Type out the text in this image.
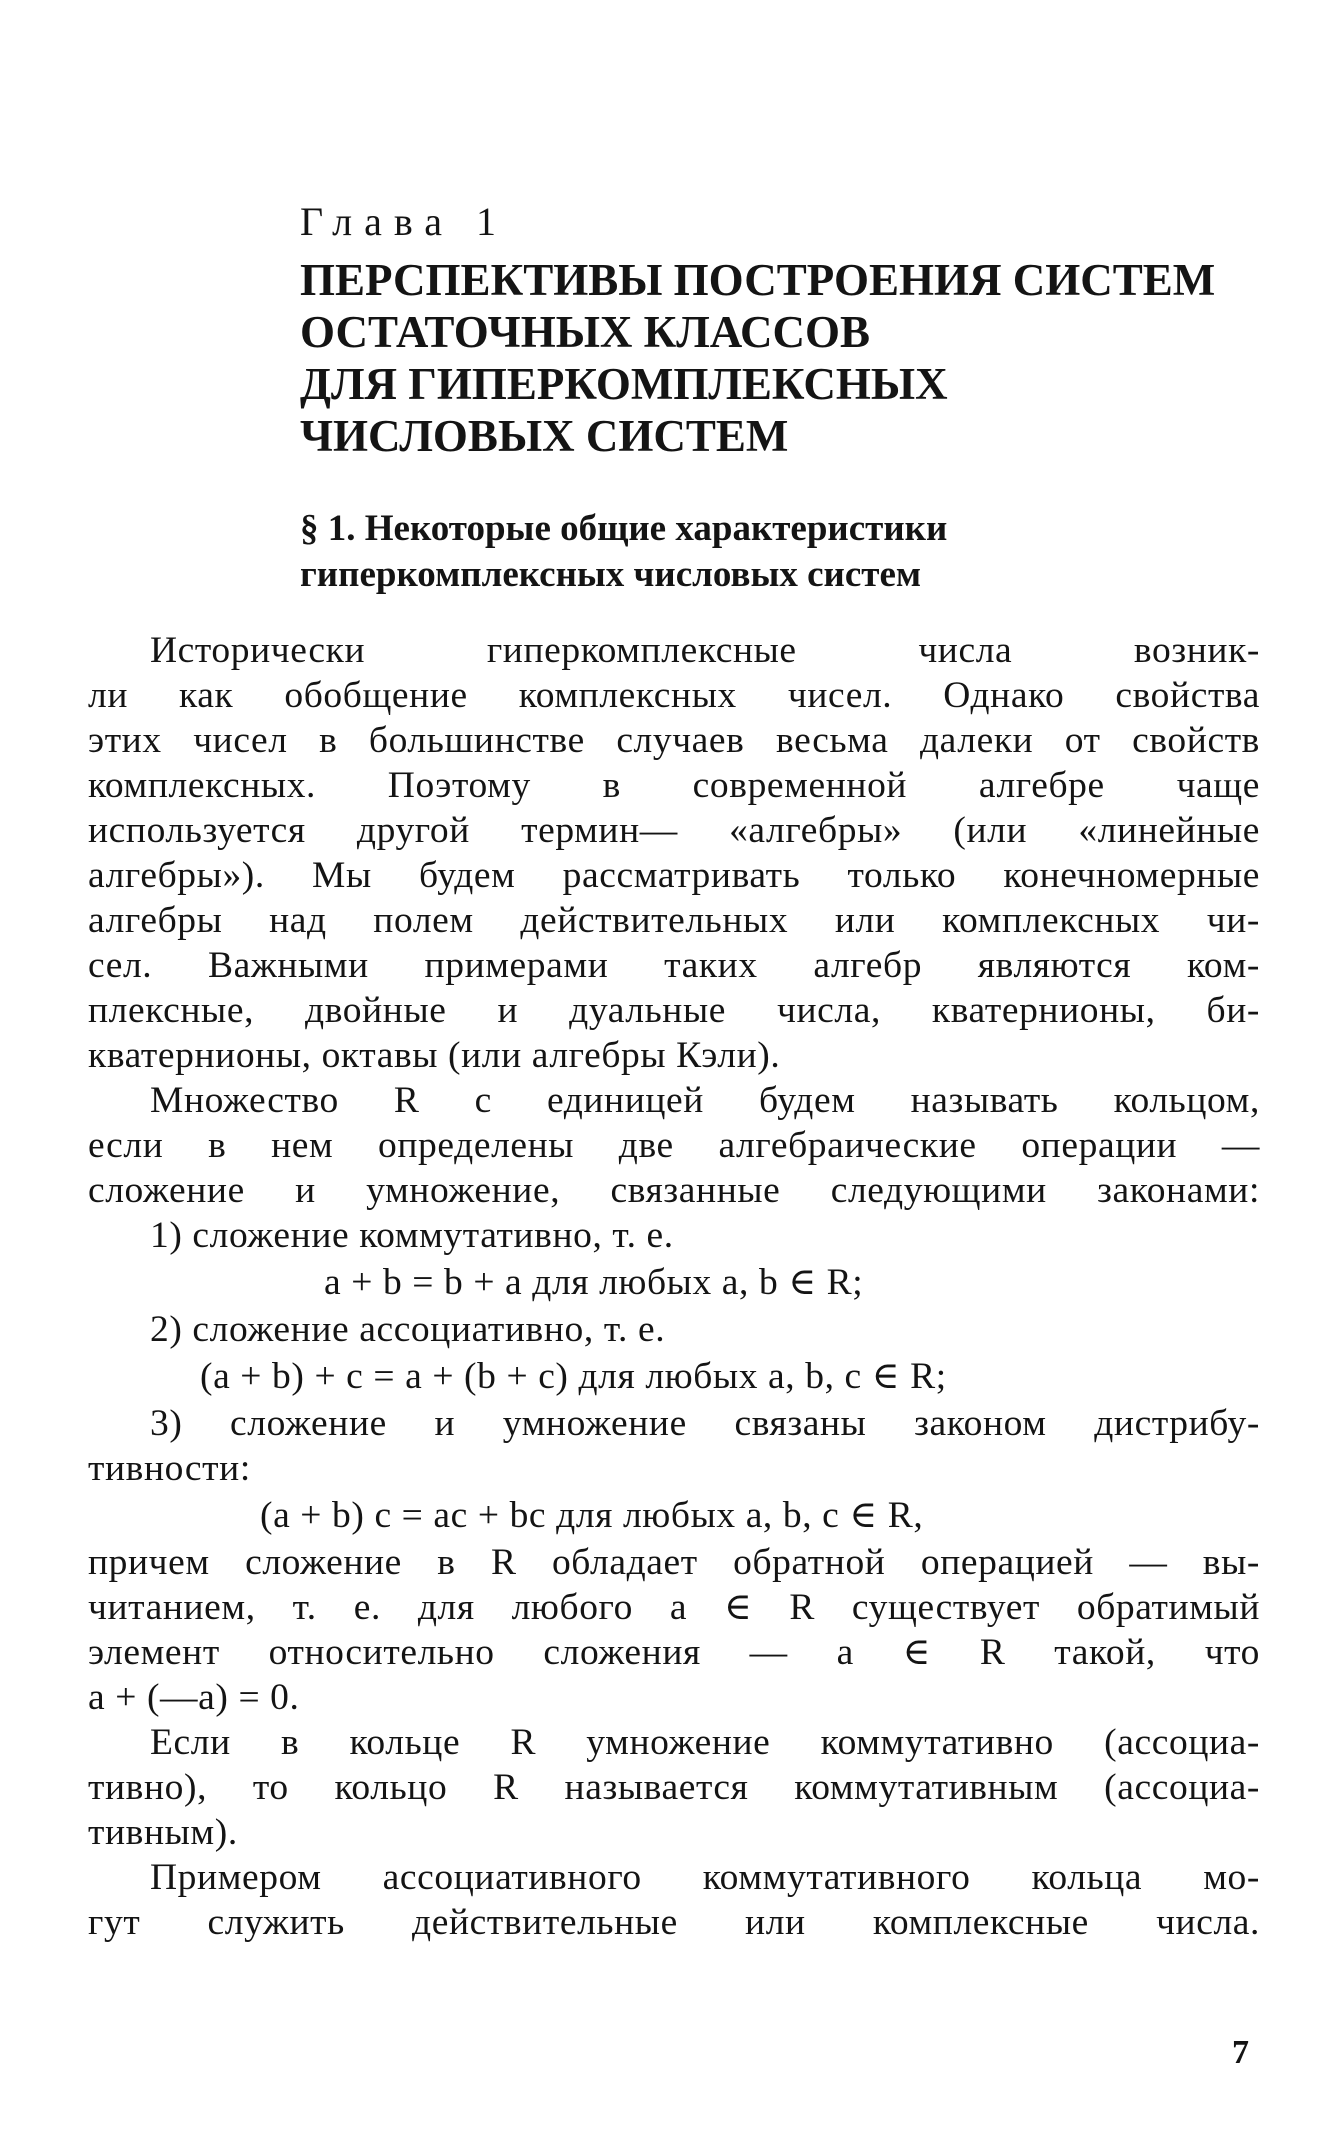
Глава 1
ПЕРСПЕКТИВЫ ПОСТРОЕНИЯ СИСТЕМ
ОСТАТОЧНЫХ КЛАССОВ
ДЛЯ ГИПЕРКОМПЛЕКСНЫХ
ЧИСЛОВЫХ СИСТЕМ
§ 1. Некоторые общие характеристики
гиперкомплексных числовых систем
Исторически гиперкомплексные числа возник-
ли как обобщение комплексных чисел. Однако свойства
этих чисел в большинстве случаев весьма далеки от свойств
комплексных. Поэтому в современной алгебре чаще
используется другой термин— «алгебры» (или «линейные
алгебры»). Мы будем рассматривать только конечномерные
алгебры над полем действительных или комплексных чи-
сел. Важными примерами таких алгебр являются ком-
плексные, двойные и дуальные числа, кватернионы, би-
кватернионы, октавы (или алгебры Кэли).
Множество R с единицей будем называть кольцом,
если в нем определены две алгебраические операции —
сложение и умножение, связанные следующими законами:
1) сложение коммутативно, т. е.
a + b = b + a для любых a, b ∈ R;
2) сложение ассоциативно, т. е.
(a + b) + c = a + (b + c) для любых a, b, c ∈ R;
3) сложение и умножение связаны законом дистрибу-
тивности:
(a + b) c = ac + bc для любых a, b, c ∈ R,
причем сложение в R обладает обратной операцией — вы-
читанием, т. е. для любого a ∈ R существует обратимый
элемент относительно сложения — a ∈ R такой, что
a + (—a) = 0.
Если в кольце R умножение коммутативно (ассоциа-
тивно), то кольцо R называется коммутативным (ассоциа-
тивным).
Примером ассоциативного коммутативного кольца мо-
гут служить действительные или комплексные числа.
7
